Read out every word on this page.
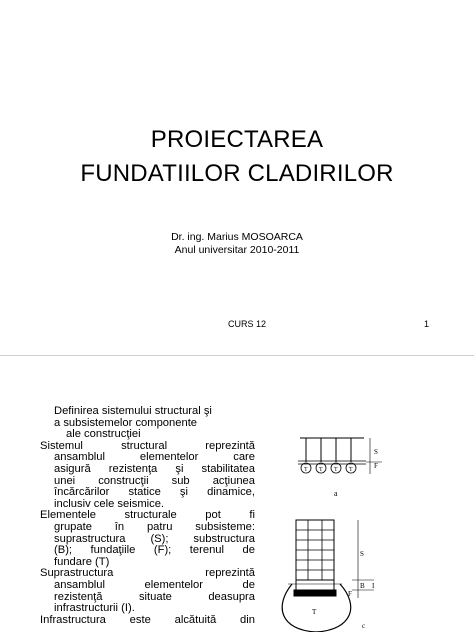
PROIECTAREA
FUNDATIILOR CLADIRILOR
Dr. ing. Marius MOSOARCA
Anul universitar 2010-2011
CURS 12	1
Definirea sistemului structural şi
a subsistemelor componente
ale construcţiei
Sistemul structural reprezintă
ansamblul elementelor care
asigură rezistenţa şi stabilitatea
unei construcţii sub acţiunea
încărcărilor statice şi dinamice,
inclusiv cele seismice.
Elementele structurale pot fi
grupate în patru subsisteme:
suprastructura (S); substructura
(B); fundaţiile (F); terenul de
fundare (T)
Suprastructura reprezintă
ansamblul elementelor de
rezistenţă situate deasupra
infrastructurii (I).
Infrastructura este alcătuită din
T T T T
S
F
a
T
S
B I
F
c
